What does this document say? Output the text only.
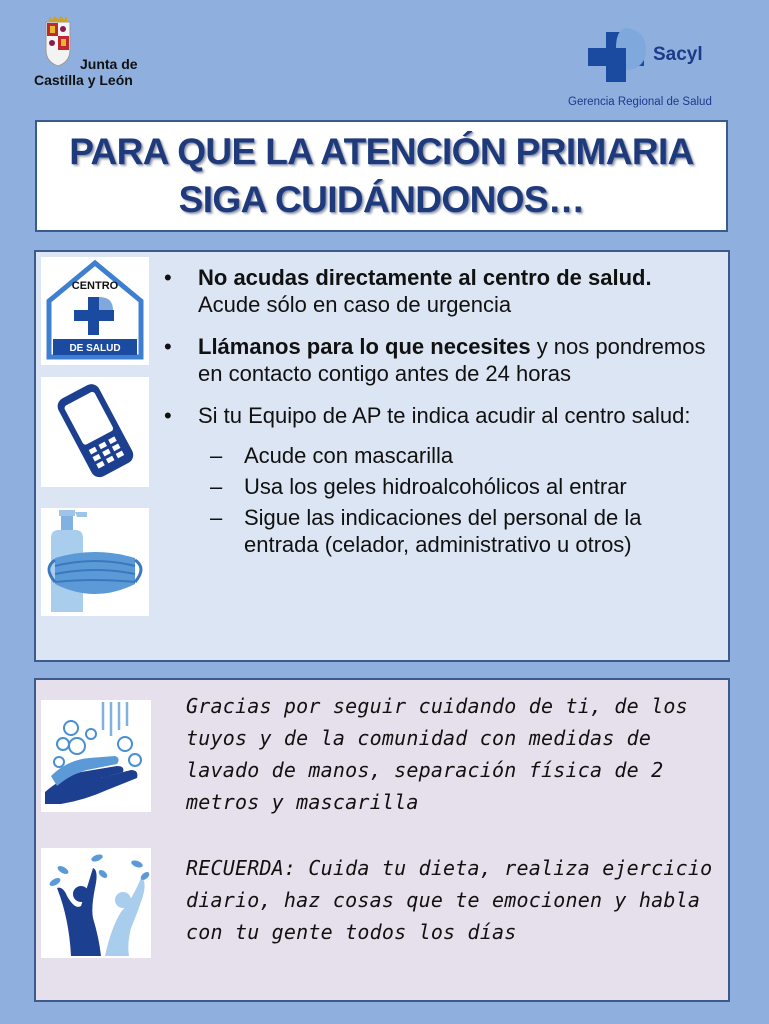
Junta de
Castilla y León
Sacyl
Gerencia Regional de Salud
PARA QUE LA ATENCIÓN PRIMARIA
SIGA CUIDÁNDONOS…
CENTRO
DE SALUD
• No acudas directamente al centro de salud.
Acude sólo en caso de urgencia
• Llámanos para lo que necesites y nos pondremos en contacto contigo antes de 24 horas
• Si tu Equipo de AP te indica acudir al centro salud:
– Acude con mascarilla
– Usa los geles hidroalcohólicos al entrar
– Sigue las indicaciones del personal de la entrada (celador, administrativo u otros)
Gracias por seguir cuidando de ti, de los tuyos y de la comunidad con medidas de lavado de manos, separación física de 2 metros y mascarilla
RECUERDA: Cuida tu dieta, realiza ejercicio diario, haz cosas que te emocionen y habla con tu gente todos los días
